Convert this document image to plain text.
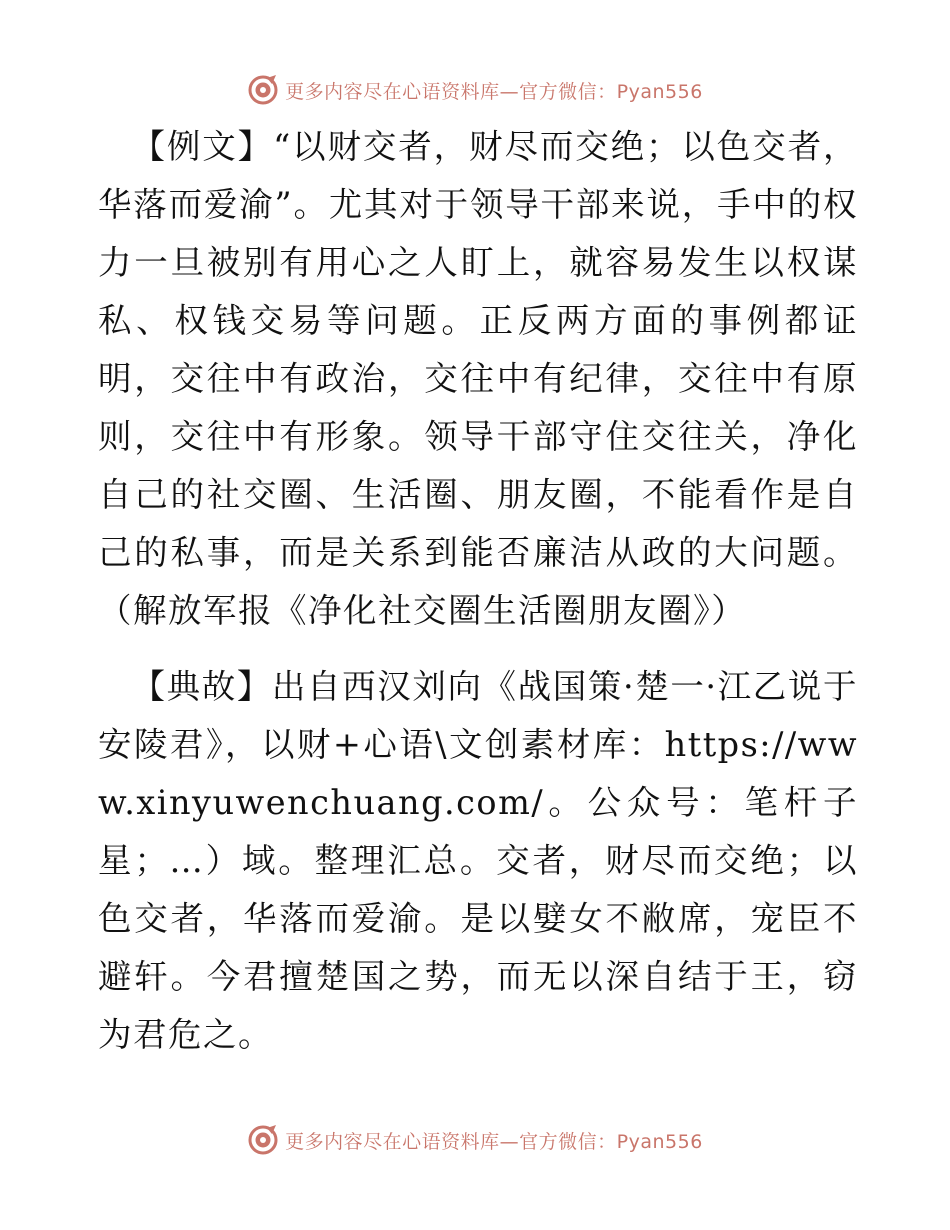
更多内容尽在心语资料库—官方微信：Pyan556

【例文】“以财交者，财尽而交绝；以色交者，华落而爱渝”。尤其对于领导干部来说，手中的权力一旦被别有用心之人盯上，就容易发生以权谋私、权钱交易等问题。正反两方面的事例都证明，交往中有政治，交往中有纪律，交往中有原则，交往中有形象。领导干部守住交往关，净化自己的社交圈、生活圈、朋友圈，不能看作是自己的私事，而是关系到能否廉洁从政的大问题。（解放军报《净化社交圈生活圈朋友圈》）

【典故】出自西汉刘向《战国策·楚一·江乙说于安陵君》，以财+心语\文创素材库：https://www.xinyuwenchuang.com/。公众号：笔杆子星；…）域。整理汇总。交者，财尽而交绝；以色交者，华落而爱渝。是以嬖女不敝席，宠臣不避轩。今君擅楚国之势，而无以深自结于王，窃为君危之。

更多内容尽在心语资料库—官方微信：Pyan556
